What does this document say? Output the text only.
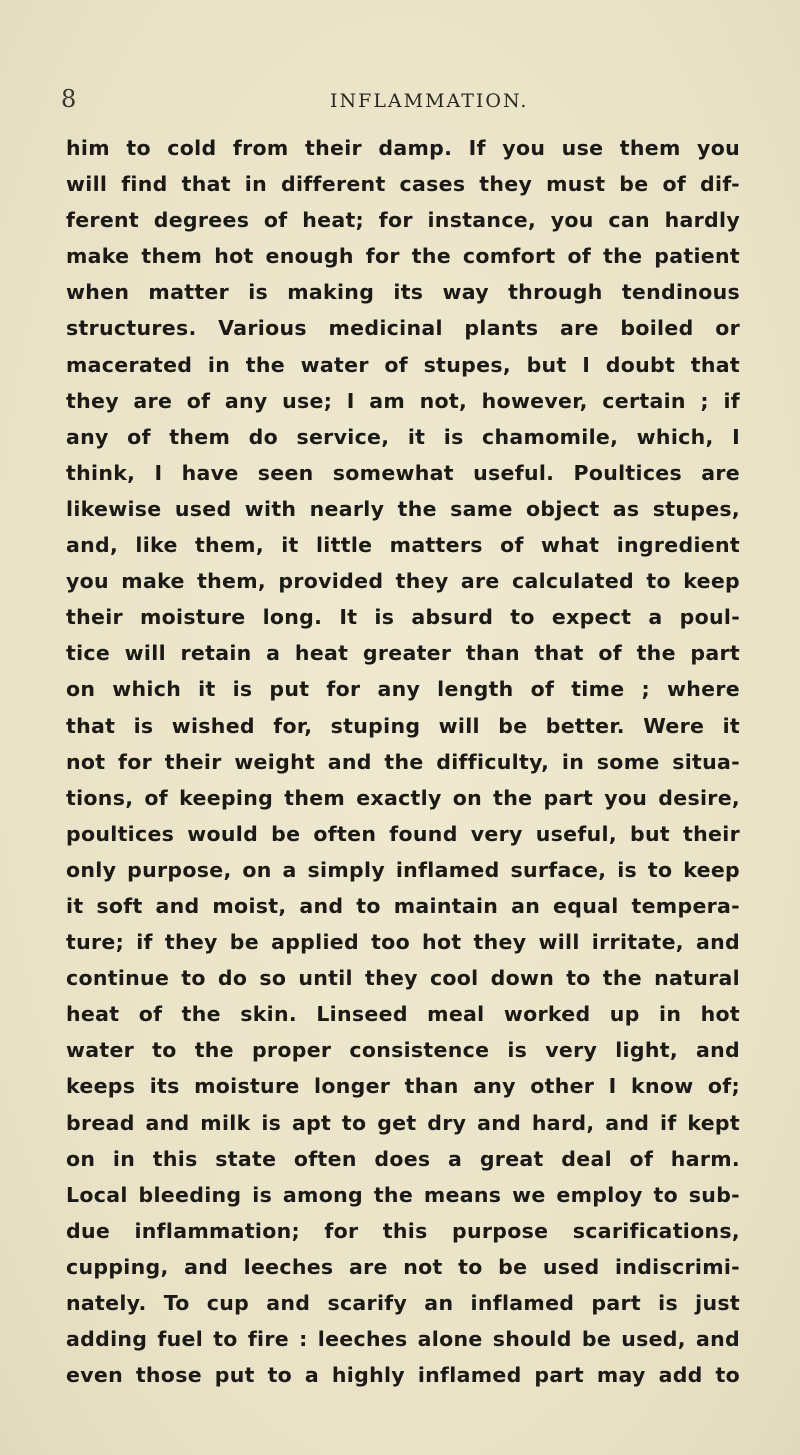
8	INFLAMMATION.
him to cold from their damp. If you use them you
will find that in different cases they must be of dif-
ferent degrees of heat; for instance, you can hardly
make them hot enough for the comfort of the patient
when matter is making its way through tendinous
structures. Various medicinal plants are boiled or
macerated in the water of stupes, but I doubt that
they are of any use; I am not, however, certain ; if
any of them do service, it is chamomile, which, I
think, I have seen somewhat useful. Poultices are
likewise used with nearly the same object as stupes,
and, like them, it little matters of what ingredient
you make them, provided they are calculated to keep
their moisture long. It is absurd to expect a poul-
tice will retain a heat greater than that of the part
on which it is put for any length of time ; where
that is wished for, stuping will be better. Were it
not for their weight and the difficulty, in some situa-
tions, of keeping them exactly on the part you desire,
poultices would be often found very useful, but their
only purpose, on a simply inflamed surface, is to keep
it soft and moist, and to maintain an equal tempera-
ture; if they be applied too hot they will irritate, and
continue to do so until they cool down to the natural
heat of the skin. Linseed meal worked up in hot
water to the proper consistence is very light, and
keeps its moisture longer than any other I know of;
bread and milk is apt to get dry and hard, and if kept
on in this state often does a great deal of harm.
Local bleeding is among the means we employ to sub-
due inflammation; for this purpose scarifications,
cupping, and leeches are not to be used indiscrimi-
nately. To cup and scarify an inflamed part is just
adding fuel to fire : leeches alone should be used, and
even those put to a highly inflamed part may add to
